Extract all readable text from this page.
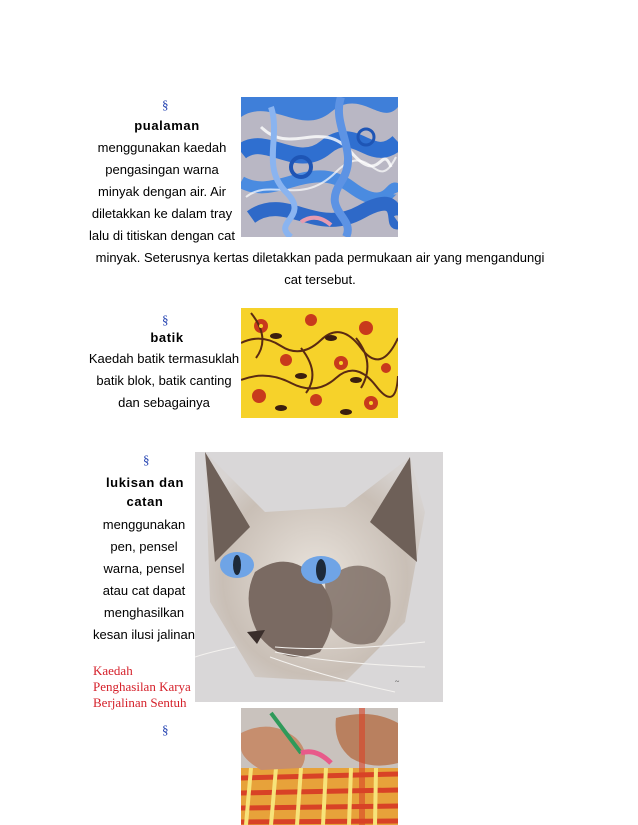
§
pualaman
menggunakan kaedah
pengasingan warna
minyak dengan air. Air
diletakkan ke dalam tray
lalu di titiskan dengan cat
minyak. Seterusnya kertas diletakkan pada permukaan air yang mengandungi
cat tersebut.
§
batik
Kaedah batik termasuklah
batik blok, batik canting
dan sebagainya
§
lukisan dan
catan
menggunakan
pen, pensel
warna, pensel
atau cat dapat
menghasilkan
kesan ilusi jalinan
~
Kaedah
Penghasilan Karya
Berjalinan Sentuh
§
